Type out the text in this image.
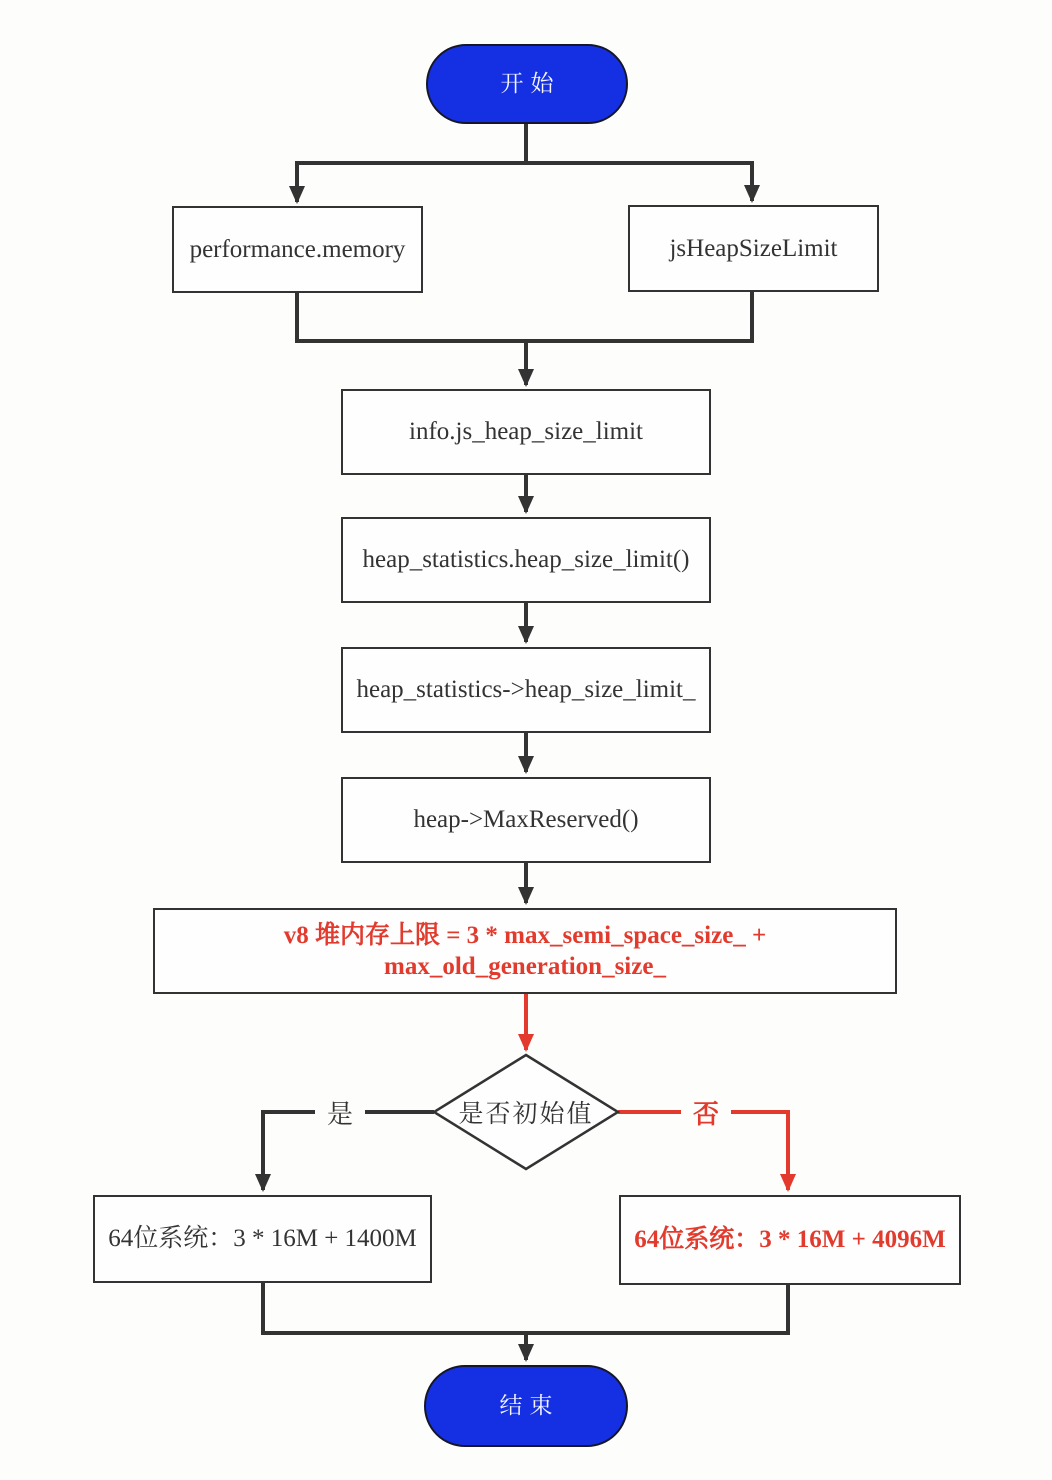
开始
performance.memory	jsHeapSizeLimit
info.js_heap_size_limit
heap_statistics.heap_size_limit()
heap_statistics->heap_size_limit_
heap->MaxReserved()
v8 堆内存上限 = 3 * max_semi_space_size_ + max_old_generation_size_
是否初始值
64位系统：3 * 16M + 1400M	64位系统：3 * 16M + 4096M
结束
是	否
